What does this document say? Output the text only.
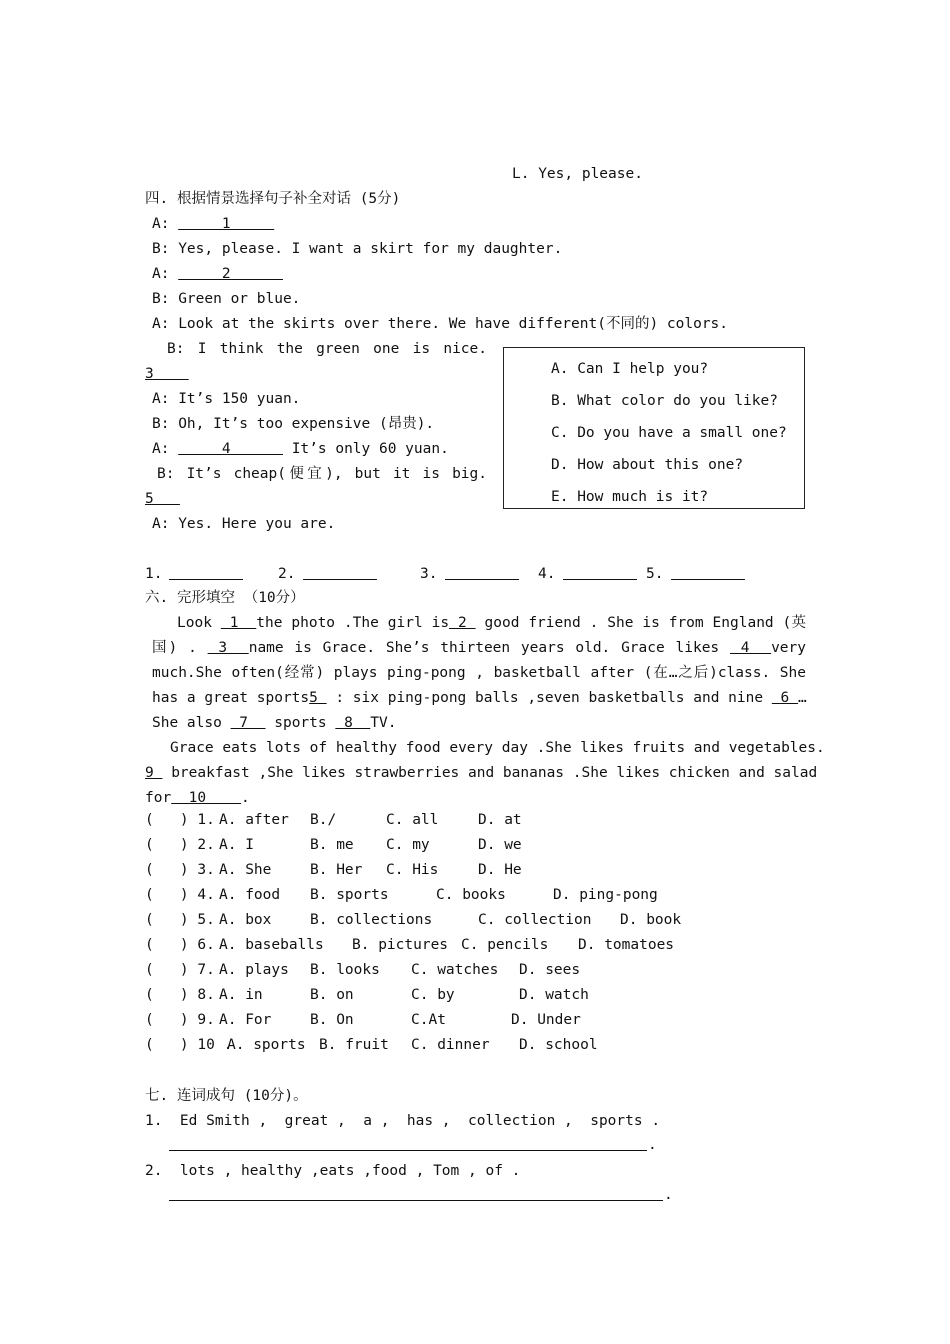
L. Yes, please.
四. 根据情景选择句子补全对话 (5分)
A:      1
B: Yes, please. I want a skirt for my daughter.
A:      2
B: Green or blue.
A: Look at the skirts over there. We have different(不同的) colors.
B: I think the green one is nice.
3
A: It’s 150 yuan.
B: Oh, It’s too expensive (昂贵).
A:      4       It’s only 60 yuan.
B: It’s cheap(便宜), but it is big.
5
A: Yes. Here you are.
A. Can I help you?
B. What color do you like?
C. Do you have a small one?
D. How about this one?
E. How much is it?
1.	2.	3.	4.	5.
六. 完形填空 （10分）
Look  1  the photo .The girl is 2  good friend . She is from England (英
国) .  3  name is Grace. She’s thirteen years old. Grace likes  4  very
much.She often(经常) plays ping-pong , basketball after (在…之后)class. She
has a great sports5  : six ping-pong balls ,seven basketballs and nine  6 …
She also  7   sports  8  TV.
Grace eats lots of healthy food every day .She likes fruits and vegetables.
9  breakfast ,She likes strawberries and bananas .She likes chicken and salad
for  10    .
(   ) 1. A. after B./	C. all	D. at
(   ) 2. A. I	B. me C. my	D. we
(   ) 3. A. She	B. Her C. His	D. He
(   ) 4. A. food B. sports	C. books	D. ping-pong
(   ) 5. A. box	B. collections	C. collection D. book
(   ) 6. A. baseballs B. pictures C. pencils D. tomatoes
(   ) 7. A. plays B. looks C. watches D. sees
(   ) 8. A. in	B. on	C. by	D. watch
(   ) 9. A. For	B. On	C.At	D. Under
(   ) 10 .
A. sports B. fruit C. dinner D. school
七. 连词成句 (10分)。
1.  Ed Smith ,  great ,  a ,  has ,  collection ,  sports .
.
2.  lots , healthy ,eats ,food , Tom , of .
.
